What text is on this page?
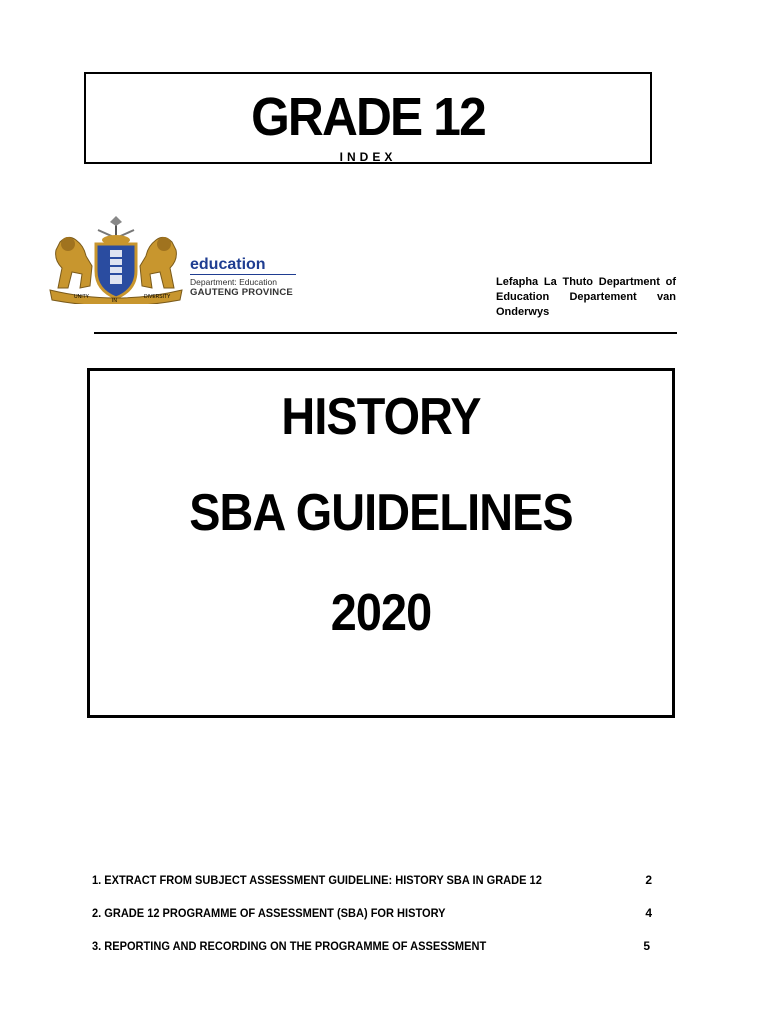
GRADE 12
INDEX
UNITY
IN
DIVERSITY
education
Department: Education
GAUTENG PROVINCE
Lefapha La Thuto Department of Education Departement van Onderwys
HISTORY
SBA GUIDELINES
2020
1. EXTRACT FROM SUBJECT ASSESSMENT GUIDELINE: HISTORY SBA IN GRADE 12	2
2. GRADE 12 PROGRAMME OF ASSESSMENT (SBA) FOR HISTORY	4
3. REPORTING AND RECORDING ON THE PROGRAMME OF ASSESSMENT	5
